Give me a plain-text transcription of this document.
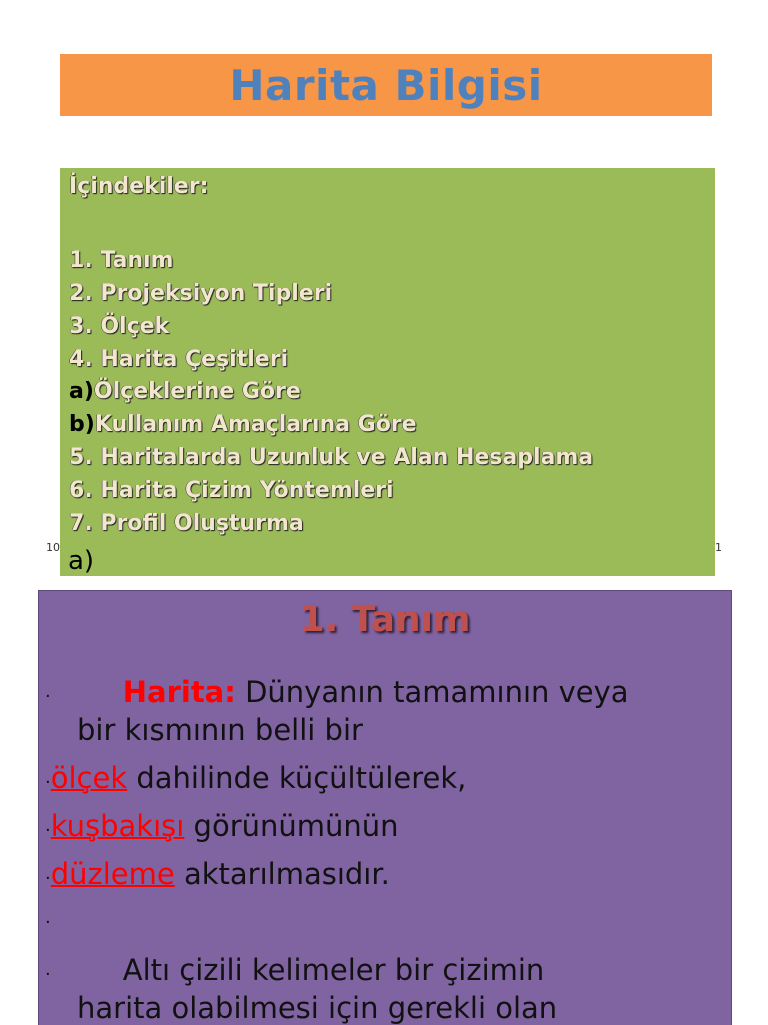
Harita Bilgisi
İçindekiler:
1. Tanım
2. Projeksiyon Tipleri
3. Ölçek
4. Harita Çeşitleri
a)Ölçeklerine Göre
b)Kullanım Amaçlarına Göre
5. Haritalarda Uzunluk ve Alan Hesaplama
6. Harita Çizim Yöntemleri
7. Profil Oluşturma
a)
10	1
1. Tanım
· Harita: Dünyanın tamamının veya
bir kısmının belli bir
·ölçek dahilinde küçültülerek,
·kuşbakışı görünümünün
·düzleme aktarılmasıdır.
·
· Altı çizili kelimeler bir çizimin
harita olabilmesi için gerekli olan
